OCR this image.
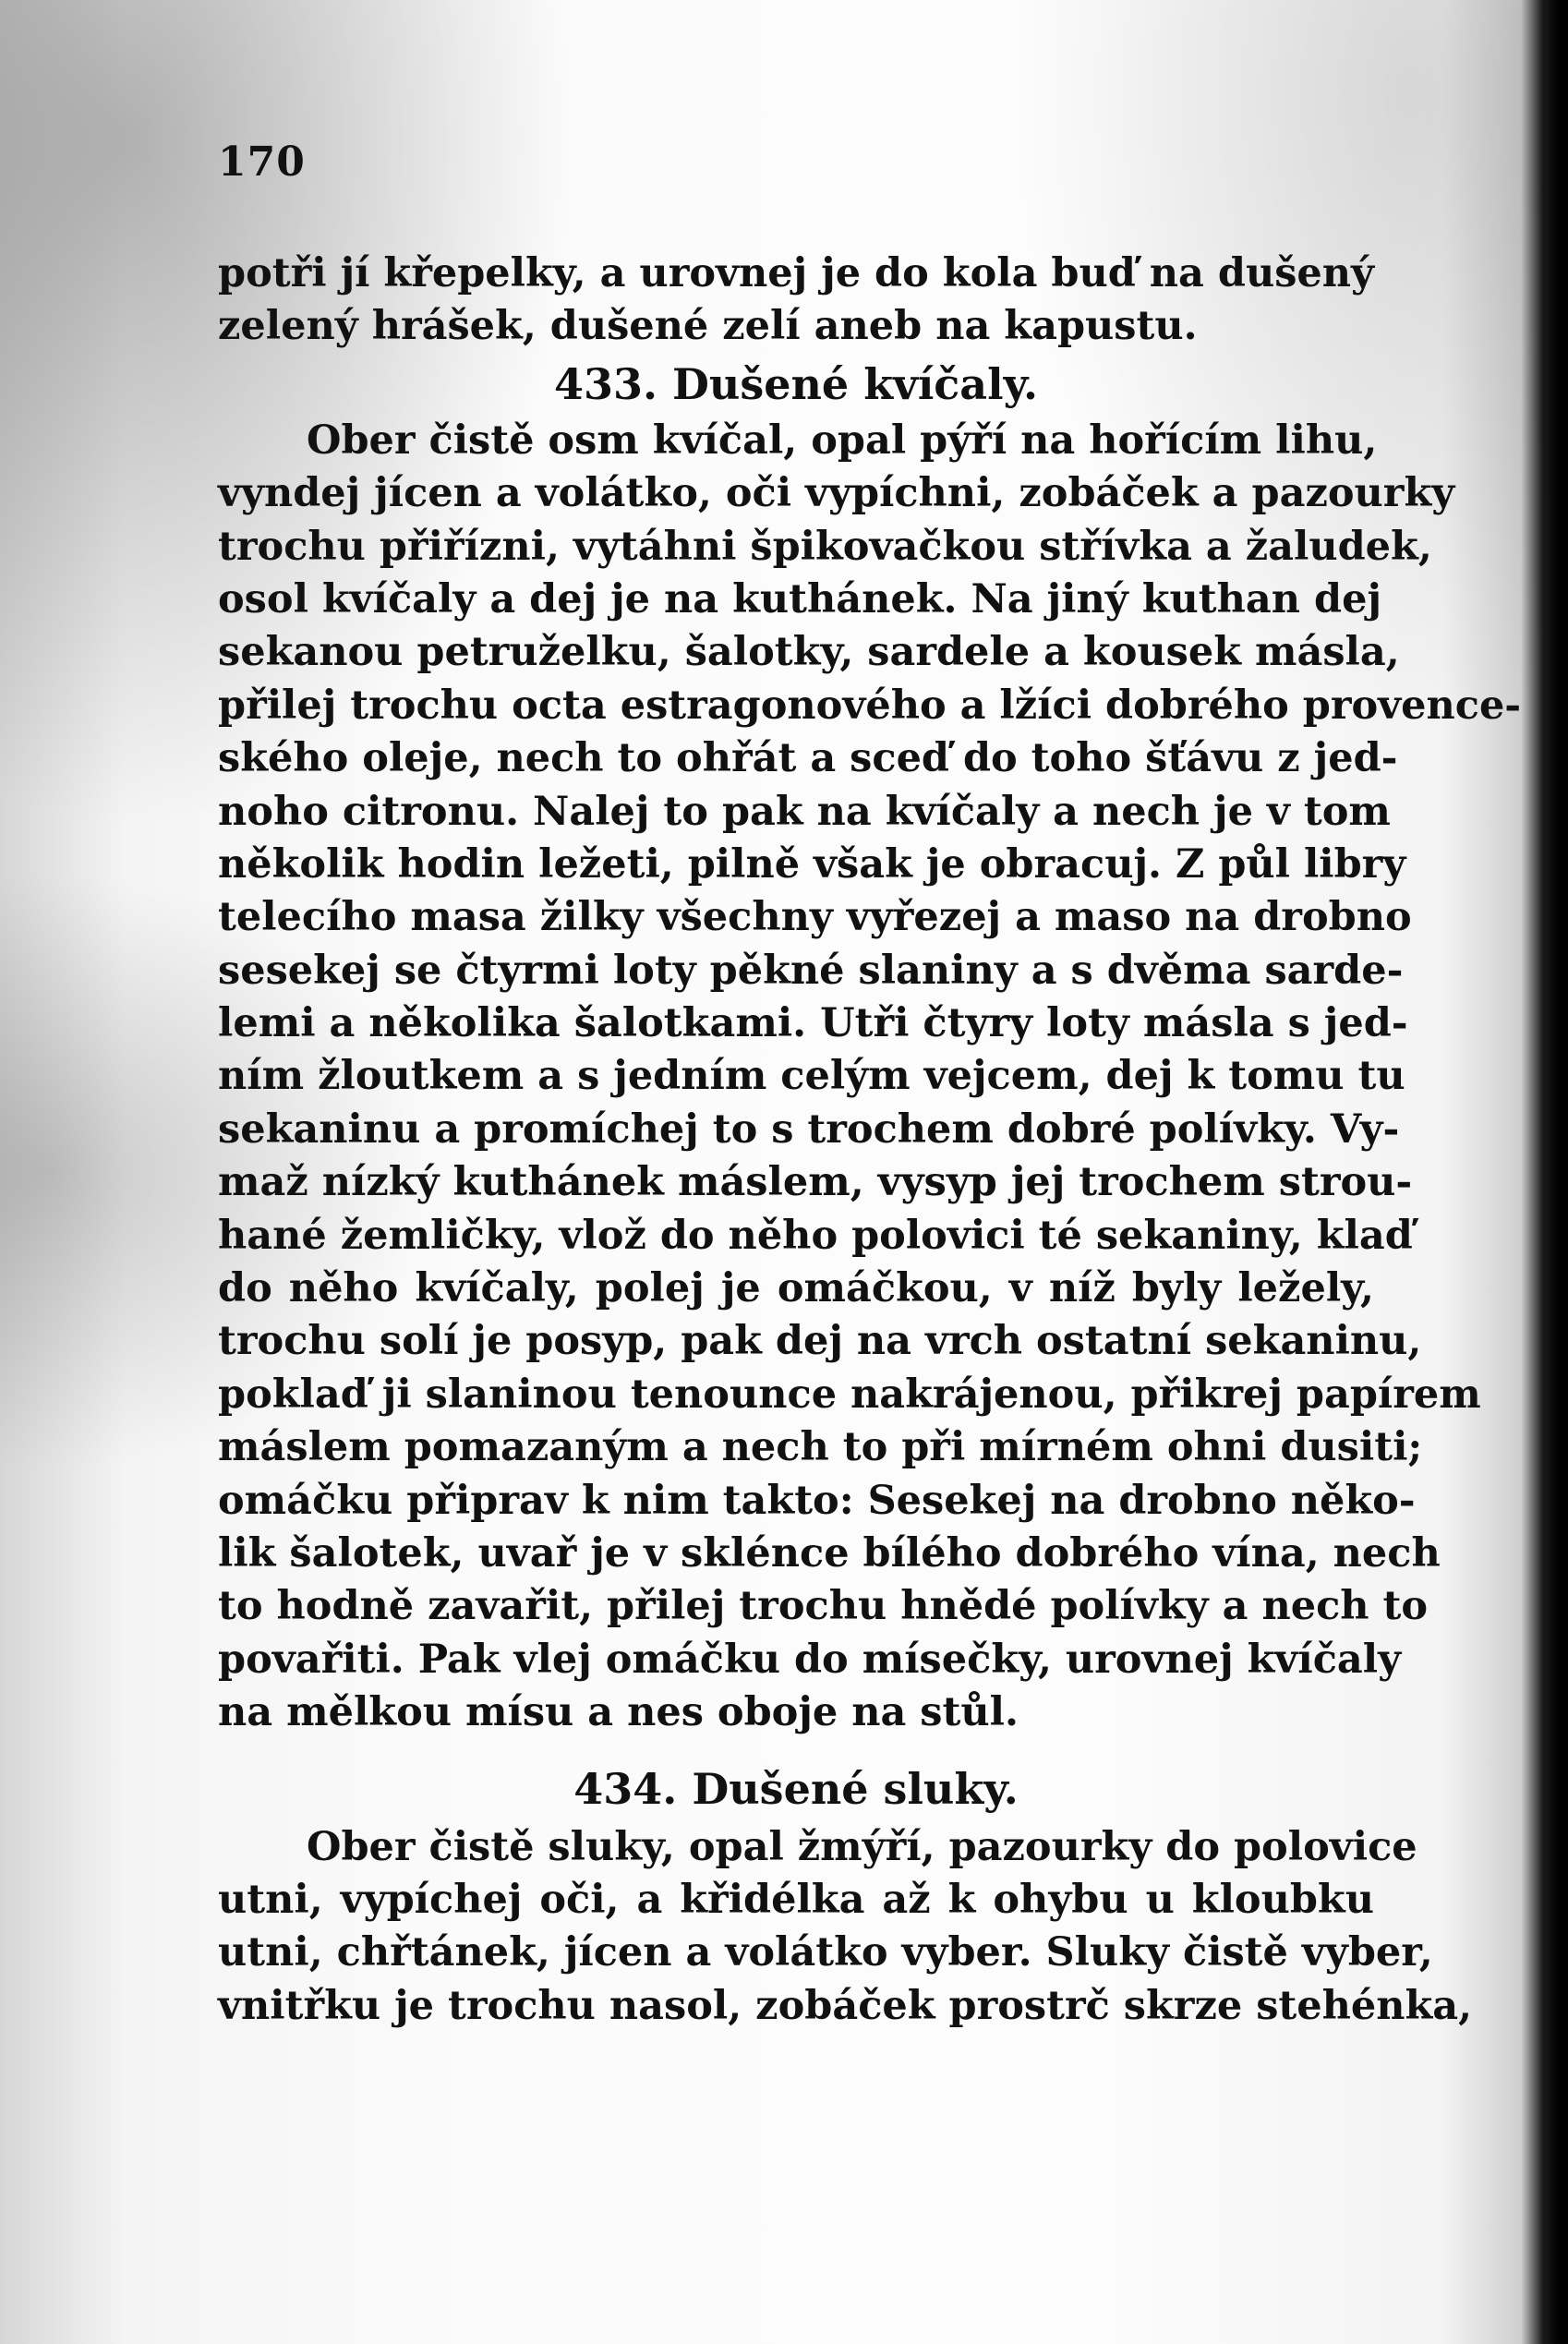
170
potři jí křepelky, a urovnej je do kola buď na dušený
zelený hrášek, dušené zelí aneb na kapustu.
433. Dušené kvíčaly.
Ober čistě osm kvíčal, opal pýří na hořícím lihu,
vyndej jícen a volátko, oči vypíchni, zobáček a pazourky
trochu přiřízni, vytáhni špikovačkou střívka a žaludek,
osol kvíčaly a dej je na kuthánek. Na jiný kuthan dej
sekanou petruželku, šalotky, sardele a kousek másla,
přilej trochu octa estragonového a lžíci dobrého provence-
ského oleje, nech to ohřát a sceď do toho šťávu z jed-
noho citronu. Nalej to pak na kvíčaly a nech je v tom
několik hodin ležeti, pilně však je obracuj. Z půl libry
telecího masa žilky všechny vyřezej a maso na drobno
sesekej se čtyrmi loty pěkné slaniny a s dvěma sarde-
lemi a několika šalotkami. Utři čtyry loty másla s jed-
ním žloutkem a s jedním celým vejcem, dej k tomu tu
sekaninu a promíchej to s trochem dobré polívky. Vy-
maž nízký kuthánek máslem, vysyp jej trochem strou-
hané žemličky, vlož do něho polovici té sekaniny, klaď
do něho kvíčaly, polej je omáčkou, v níž byly ležely,
trochu solí je posyp, pak dej na vrch ostatní sekaninu,
poklaď ji slaninou tenounce nakrájenou, přikrej papírem
máslem pomazaným a nech to při mírném ohni dusiti;
omáčku připrav k nim takto: Sesekej na drobno něko-
lik šalotek, uvař je v sklénce bílého dobrého vína, nech
to hodně zavařit, přilej trochu hnědé polívky a nech to
povařiti. Pak vlej omáčku do mísečky, urovnej kvíčaly
na mělkou mísu a nes oboje na stůl.
434. Dušené sluky.
Ober čistě sluky, opal žmýří, pazourky do polovice
utni, vypíchej oči, a křidélka až k ohybu u kloubku
utni, chřtánek, jícen a volátko vyber. Sluky čistě vyber,
vnitřku je trochu nasol, zobáček prostrč skrze stehénka,
